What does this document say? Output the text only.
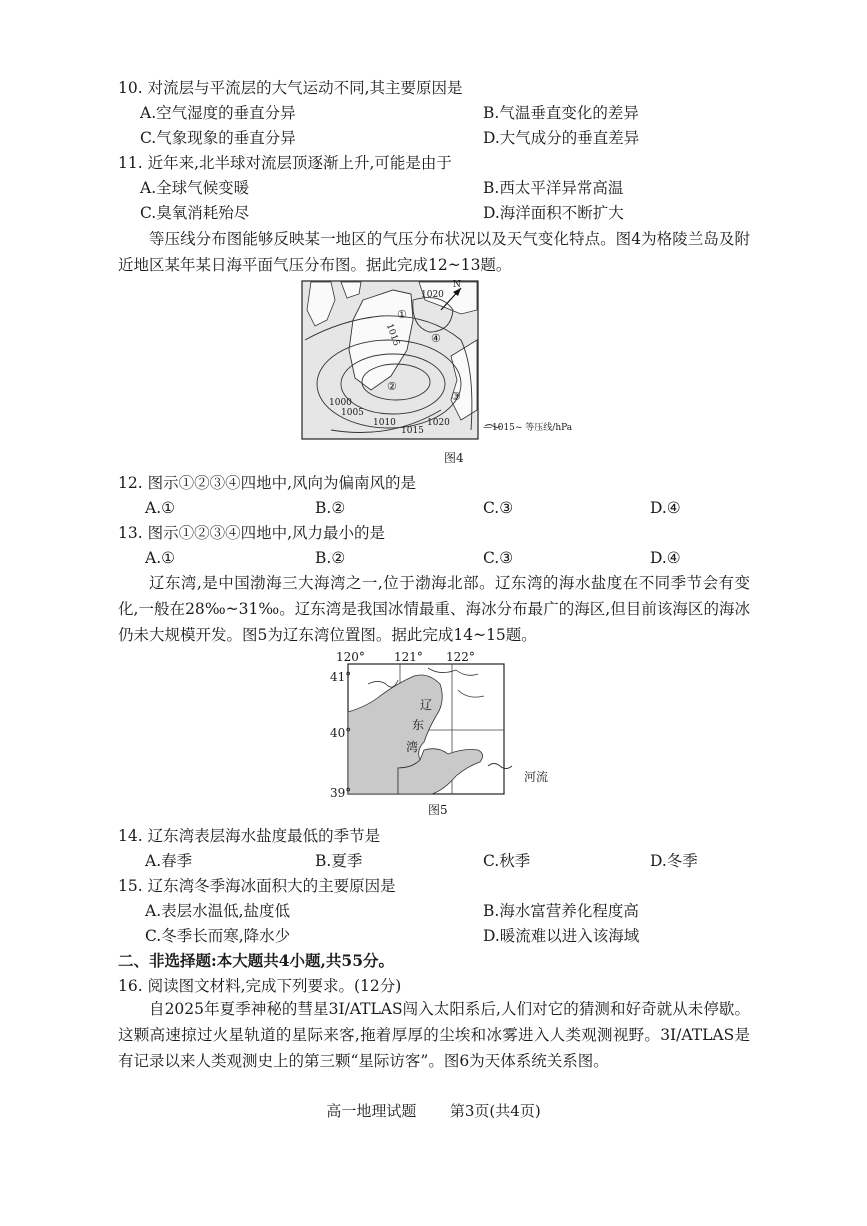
10. 对流层与平流层的大气运动不同,其主要原因是
A.空气湿度的垂直分异	B.气温垂直变化的差异
C.气象现象的垂直分异	D.大气成分的垂直差异
11. 近年来,北半球对流层顶逐渐上升,可能是由于
A.全球气候变暖	B.西太平洋异常高温
C.臭氧消耗殆尽	D.海洋面积不断扩大
等压线分布图能够反映某一地区的气压分布状况以及天气变化特点。图4为格陵兰岛及附近地区某年某日海平面气压分布图。据此完成12~13题。
1020
N
1015
1000
1005
1010
1015
1020
①
②
③
④
—1015~ 等压线/hPa
图4
12. 图示①②③④四地中,风向为偏南风的是
A.①	B.②	C.③	D.④
13. 图示①②③④四地中,风力最小的是
A.①	B.②	C.③	D.④
辽东湾,是中国渤海三大海湾之一,位于渤海北部。辽东湾的海水盐度在不同季节会有变化,一般在28‰~31‰。辽东湾是我国冰情最重、海冰分布最广的海区,但目前该海区的海冰仍未大规模开发。图5为辽东湾位置图。据此完成14~15题。
120° 121° 122°
41°
40°
39°
辽
东
湾
河流
图5
14. 辽东湾表层海水盐度最低的季节是
A.春季	B.夏季	C.秋季	D.冬季
15. 辽东湾冬季海冰面积大的主要原因是
A.表层水温低,盐度低	B.海水富营养化程度高
C.冬季长而寒,降水少	D.暖流难以进入该海域
二、非选择题:本大题共4小题,共55分。
16. 阅读图文材料,完成下列要求。(12分)
自2025年夏季神秘的彗星3I/ATLAS闯入太阳系后,人们对它的猜测和好奇就从未停歇。这颗高速掠过火星轨道的星际来客,拖着厚厚的尘埃和冰雾进入人类观测视野。3I/ATLAS是有记录以来人类观测史上的第三颗“星际访客”。图6为天体系统关系图。
高一地理试题 第3页(共4页)
